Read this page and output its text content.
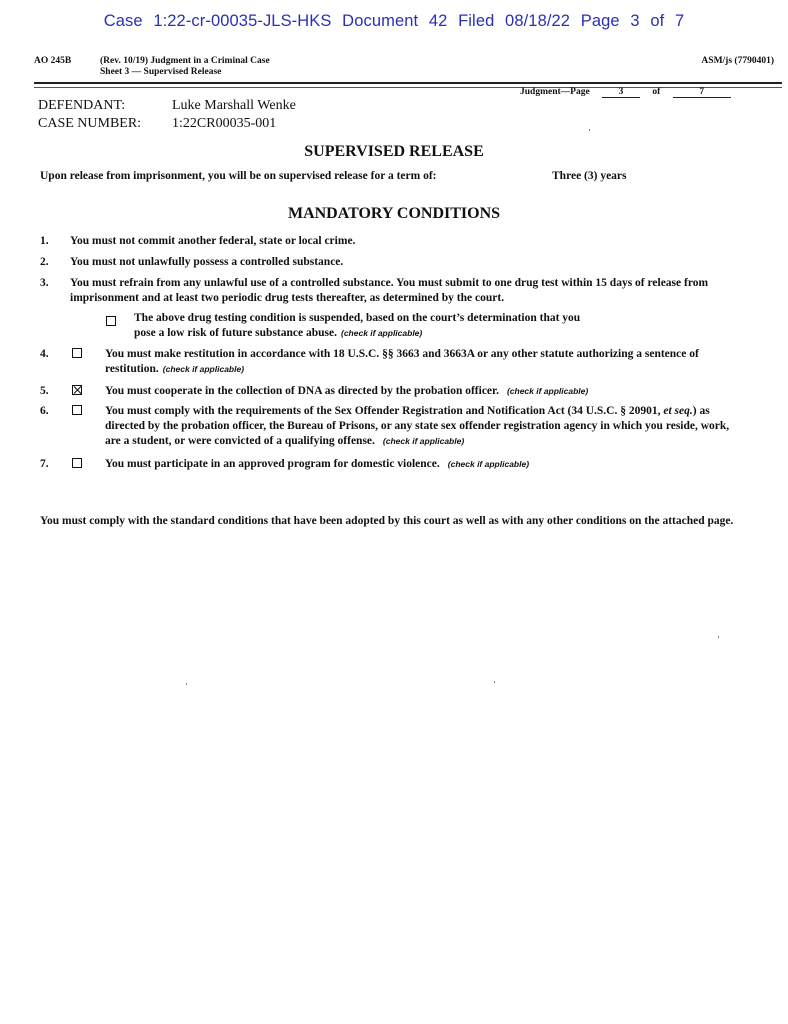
Case 1:22-cr-00035-JLS-HKS Document 42 Filed 08/18/22 Page 3 of 7
AO 245B	(Rev. 10/19) Judgment in a Criminal Case
Sheet 3 — Supervised Release
ASM/js (7790401)
Judgment—Page	3	of	7
DEFENDANT:	Luke Marshall Wenke
CASE NUMBER: 1:22CR00035-001
SUPERVISED RELEASE
Upon release from imprisonment, you will be on supervised release for a term of:	Three (3) years
MANDATORY CONDITIONS
1. You must not commit another federal, state or local crime.
2. You must not unlawfully possess a controlled substance.
3. You must refrain from any unlawful use of a controlled substance. You must submit to one drug test within 15 days of release from
imprisonment and at least two periodic drug tests thereafter, as determined by the court.
The above drug testing condition is suspended, based on the court’s determination that you
pose a low risk of future substance abuse. (check if applicable)
4.	You must make restitution in accordance with 18 U.S.C. §§ 3663 and 3663A or any other statute authorizing a sentence of
restitution. (check if applicable)
5.	You must cooperate in the collection of DNA as directed by the probation officer. (check if applicable)
6.	You must comply with the requirements of the Sex Offender Registration and Notification Act (34 U.S.C. § 20901, et seq.) as
directed by the probation officer, the Bureau of Prisons, or any state sex offender registration agency in which you reside, work,
are a student, or were convicted of a qualifying offense. (check if applicable)
7.	You must participate in an approved program for domestic violence. (check if applicable)
You must comply with the standard conditions that have been adopted by this court as well as with any other conditions on the attached page.
